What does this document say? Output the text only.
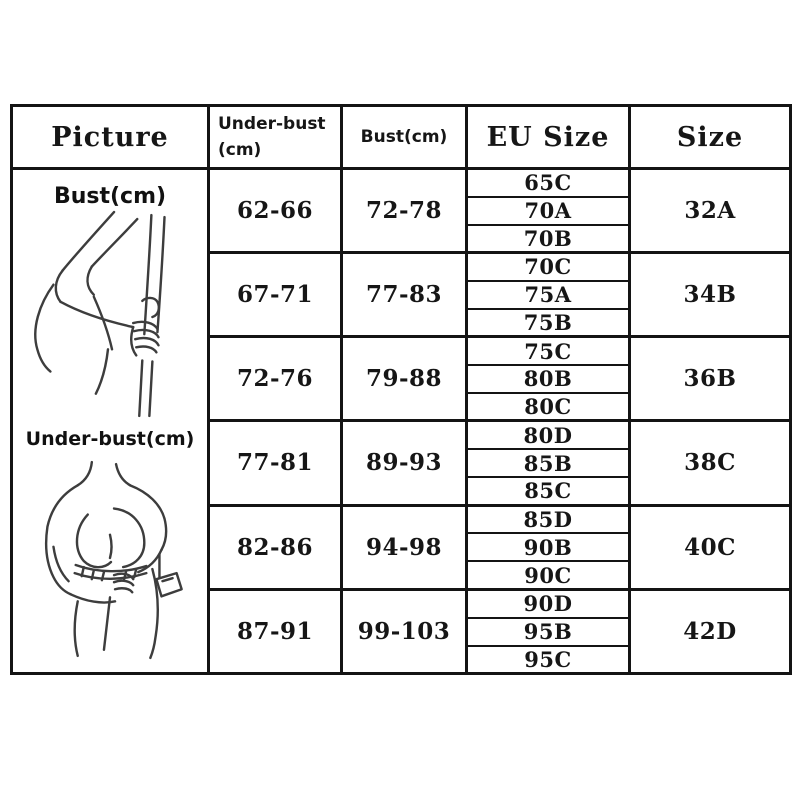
Picture	Under-bust(cm)	Bust(cm)	EU Size	Size

Bust(cm)
Under-bust(cm)	62-66	72-78	65C	32A
			70A	
			70B	
	67-71	77-83	70C	34B
			75A	
			75B	
	72-76	79-88	75C	36B
			80B	
			80C	
	77-81	89-93	80D	38C
			85B	
			85C	
	82-86	94-98	85D	40C
			90B	
			90C	
	87-91	99-103	90D	42D
			95B	
			95C	
